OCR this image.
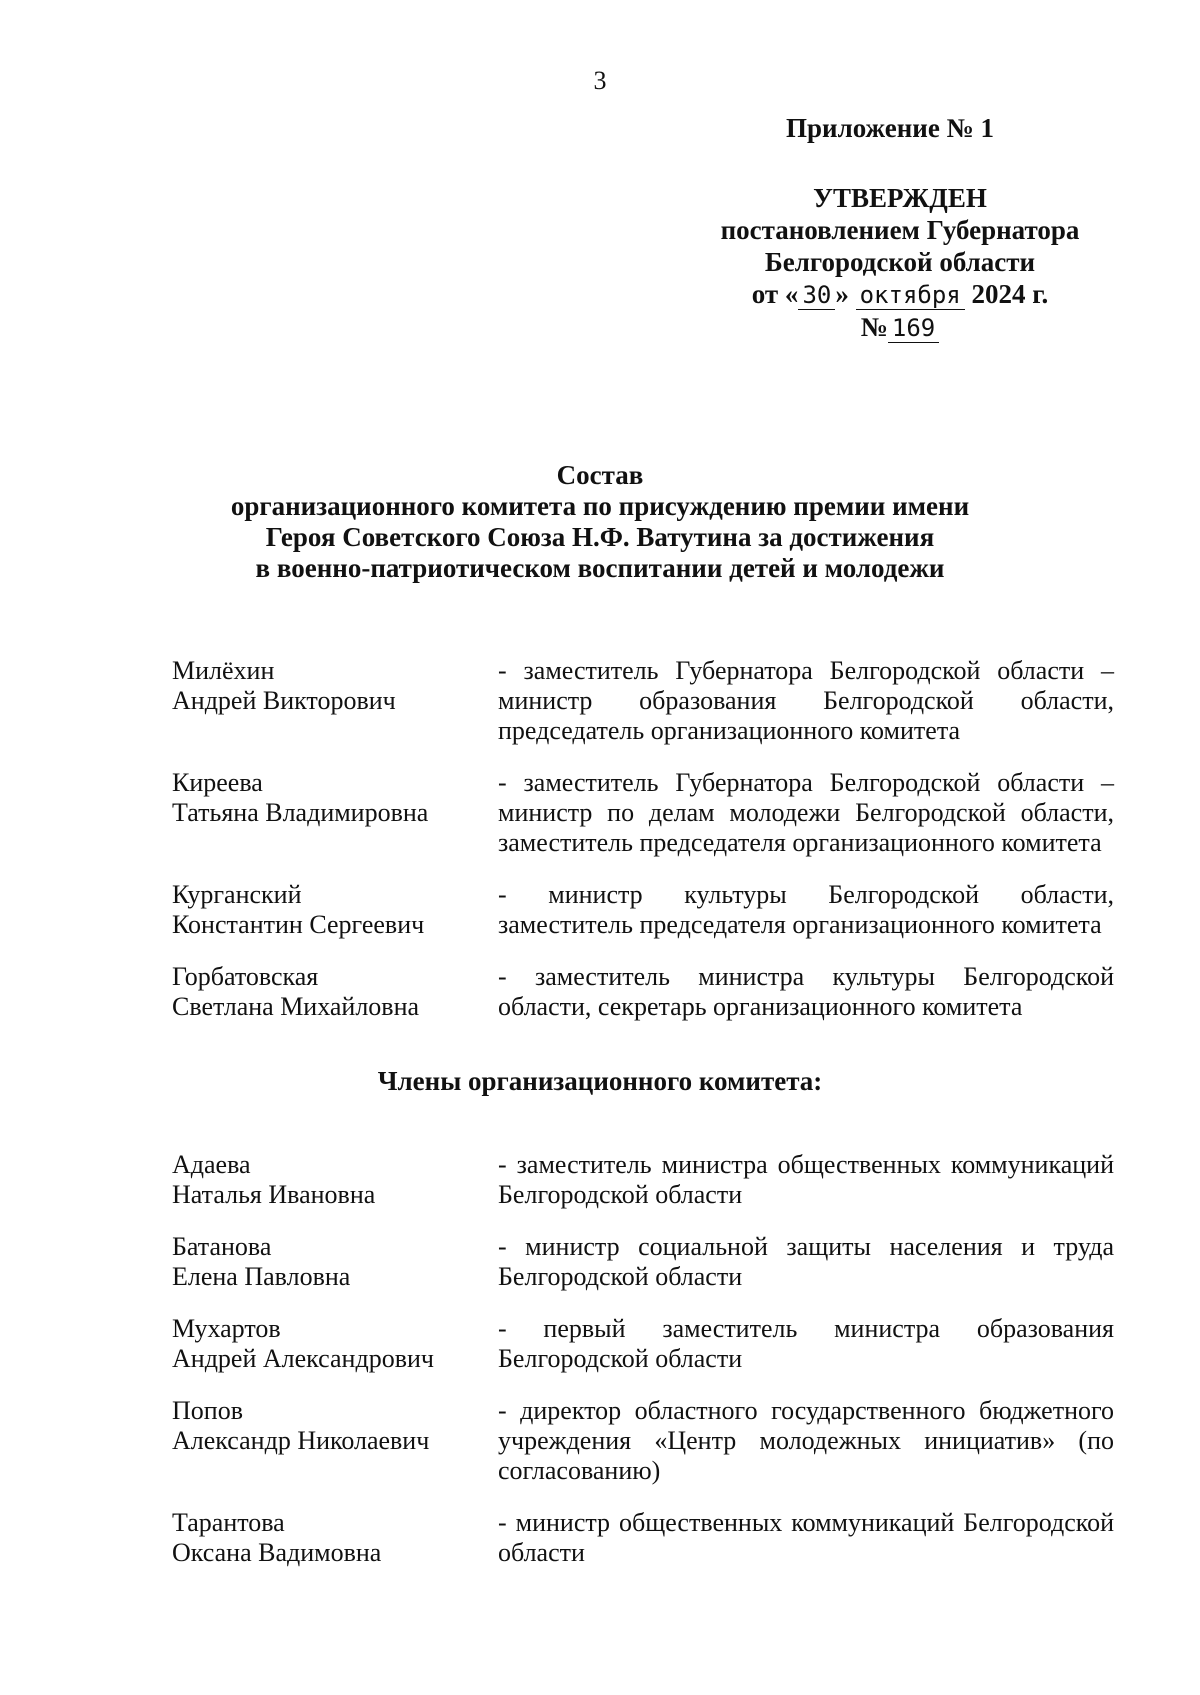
3
Приложение № 1
УТВЕРЖДЕН
постановлением Губернатора
Белгородской области
от « 30 » октября 2024 г.
№ 169
Состав
организационного комитета по присуждению премии имени
Героя Советского Союза Н.Ф. Ватутина за достижения
в военно-патриотическом воспитании детей и молодежи
Милёхин
Андрей Викторович
- заместитель Губернатора Белгородской области – министр образования Белгородской области, председатель организационного комитета
Киреева
Татьяна Владимировна
- заместитель Губернатора Белгородской области – министр по делам молодежи Белгородской области, заместитель председателя организационного комитета
Курганский
Константин Сергеевич
- министр культуры Белгородской области, заместитель председателя организационного комитета
Горбатовская
Светлана Михайловна
- заместитель министра культуры Белгородской области, секретарь организационного комитета
Члены организационного комитета:
Адаева
Наталья Ивановна
- заместитель министра общественных коммуникаций Белгородской области
Батанова
Елена Павловна
- министр социальной защиты населения и труда Белгородской области
Мухартов
Андрей Александрович
- первый заместитель министра образования Белгородской области
Попов
Александр Николаевич
- директор областного государственного бюджетного учреждения «Центр молодежных инициатив» (по согласованию)
Тарантова
Оксана Вадимовна
- министр общественных коммуникаций Белгородской области
